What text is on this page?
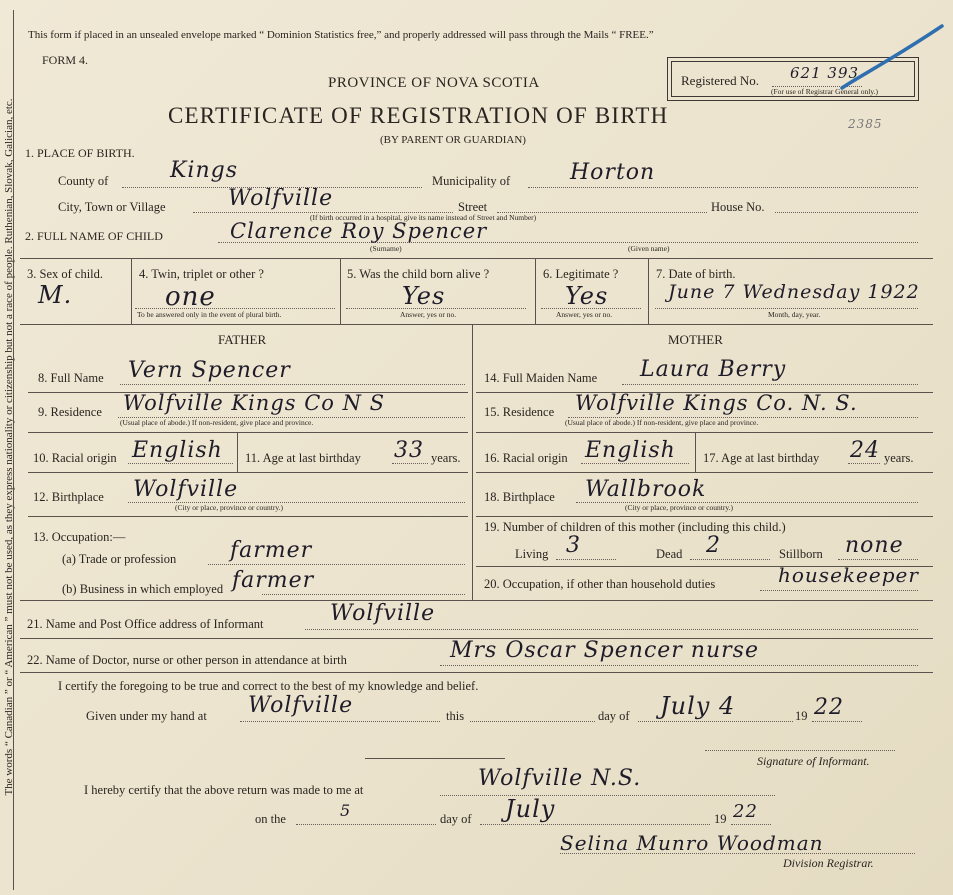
The words “ Canadian ” or “ American ” must not be used, as they express nationality or citizenship but not a race of people. Ruthenian, Slovak, Galician, etc.
This form if placed in an unsealed envelope marked “ Dominion Statistics free,” and properly addressed will pass through the Mails “ FREE.”
FORM 4.
PROVINCE OF NOVA SCOTIA
CERTIFICATE OF REGISTRATION OF BIRTH
(BY PARENT OR GUARDIAN)
Registered No. 621 393
(For use of Registrar General only.)
2385
1. PLACE OF BIRTH.
County of	Kings	Municipality of	Horton
City, Town or Village	Wolfville	Street	House No.
(If birth occurred in a hospital, give its name instead of Street and Number)
2. FULL NAME OF CHILD	Clarence Roy Spencer
(Surname)	(Given name)
3. Sex of child.
M.
4. Twin, triplet or other ?
one
To be answered only in the event of plural birth.
5. Was the child born alive ?
Yes
Answer, yes or no.
6. Legitimate ?
Yes
Answer, yes or no.
7. Date of birth.
June 7 Wednesday 1922
Month, day, year.
FATHER	MOTHER
8. Full Name Vern Spencer
9. Residence Wolfville Kings Co N S
(Usual place of abode.) If non-resident, give place and province.
10. Racial origin English 11. Age at last birthday 33 years.
12. Birthplace Wolfville
(City or place, province or country.)
13. Occupation:—
(a) Trade or profession farmer
(b) Business in which employed farmer
14. Full Maiden Name Laura Berry
15. Residence Wolfville Kings Co. N. S.
(Usual place of abode.) If non-resident, give place and province.
16. Racial origin English 17. Age at last birthday 24 years.
18. Birthplace Wallbrook
(City or place, province or country.)
19. Number of children of this mother (including this child.)
Living 3	Dead 2	Stillborn none
20. Occupation, if other than household duties	housekeeper
21. Name and Post Office address of Informant	Wolfville
22. Name of Doctor, nurse or other person in attendance at birth	Mrs Oscar Spencer nurse
I certify the foregoing to be true and correct to the best of my knowledge and belief.
Given under my hand at Wolfville	this	day of July 4	19 22
Signature of Informant.
I hereby certify that the above return was made to me at	Wolfville N.S.
on the	5	day of July	19 22
Selina Munro Woodman
Division Registrar.
